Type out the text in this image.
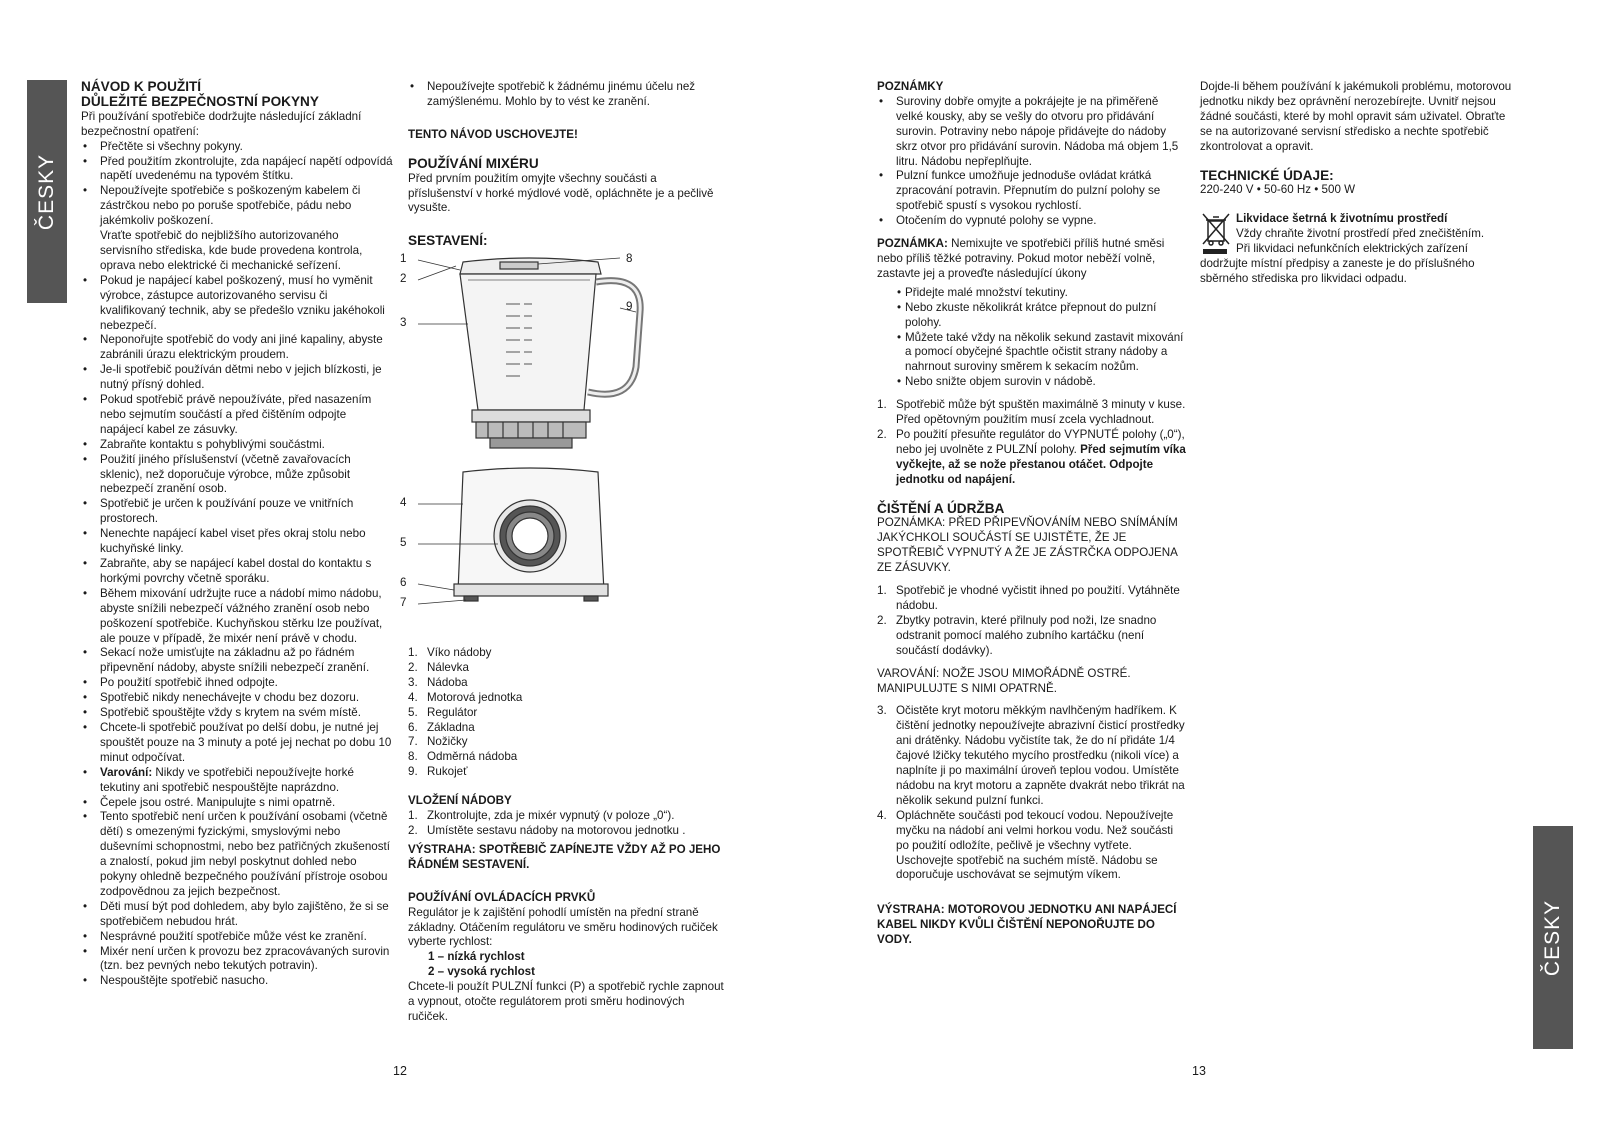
ČESKY
ČESKY

NÁVOD K POUŽITÍ

DŮLEŽITÉ BEZPEČNOSTNÍ POKYNY

Při používání spotřebiče dodržujte následující základní bezpečnostní opatření:

• Přečtěte si všechny pokyny.
• Před použitím zkontrolujte, zda napájecí napětí odpovídá napětí uvedenému na typovém štítku.
• Nepoužívejte spotřebiče s poškozeným kabelem či zástrčkou nebo po poruše spotřebiče, pádu nebo jakémkoliv poškození.
Vraťte spotřebič do nejbližšího autorizovaného servisního střediska, kde bude provedena kontrola, oprava nebo elektrické či mechanické seřízení.
• Pokud je napájecí kabel poškozený, musí ho vyměnit výrobce, zástupce autorizovaného servisu či kvalifikovaný technik, aby se předešlo vzniku jakéhokoli nebezpečí.
• Neponořujte spotřebič do vody ani jiné kapaliny, abyste zabránili úrazu elektrickým proudem.
• Je-li spotřebič používán dětmi nebo v jejich blízkosti, je nutný přísný dohled.
• Pokud spotřebič právě nepoužíváte, před nasazením nebo sejmutím součástí a před čištěním odpojte napájecí kabel ze zásuvky.
• Zabraňte kontaktu s pohyblivými součástmi.
• Použití jiného příslušenství (včetně zavařovacích sklenic), než doporučuje výrobce, může způsobit nebezpečí zranění osob.
• Spotřebič je určen k používání pouze ve vnitřních prostorech.
• Nenechte napájecí kabel viset přes okraj stolu nebo kuchyňské linky.
• Zabraňte, aby se napájecí kabel dostal do kontaktu s horkými povrchy včetně sporáku.
• Během mixování udržujte ruce a nádobí mimo nádobu, abyste snížili nebezpečí vážného zranění osob nebo poškození spotřebiče. Kuchyňskou stěrku lze používat, ale pouze v případě, že mixér není právě v chodu.
• Sekací nože umisťujte na základnu až po řádném připevnění nádoby, abyste snížili nebezpečí zranění.
• Po použití spotřebič ihned odpojte.
• Spotřebič nikdy nenechávejte v chodu bez dozoru.
• Spotřebič spouštějte vždy s krytem na svém místě.
• Chcete-li spotřebič používat po delší dobu, je nutné jej spouštět pouze na 3 minuty a poté jej nechat po dobu 10 minut odpočívat.
• Varování: Nikdy ve spotřebiči nepoužívejte horké tekutiny ani spotřebič nespouštějte naprázdno.
• Čepele jsou ostré. Manipulujte s nimi opatrně.
• Tento spotřebič není určen k používání osobami (včetně dětí) s omezenými fyzickými, smyslovými nebo duševními schopnostmi, nebo bez patřičných zkušeností a znalostí, pokud jim nebyl poskytnut dohled nebo pokyny ohledně bezpečného používání přístroje osobou zodpovědnou za jejich bezpečnost.
• Děti musí být pod dohledem, aby bylo zajištěno, že si se spotřebičem nebudou hrát.
• Nesprávné použití spotřebiče může vést ke zranění.
• Mixér není určen k provozu bez zpracovávaných surovin (tzn. bez pevných nebo tekutých potravin).
• Nespouštějte spotřebič nasucho.
• Nepoužívejte spotřebič k žádnému jinému účelu než zamýšlenému. Mohlo by to vést ke zranění.

TENTO NÁVOD USCHOVEJTE!

POUŽÍVÁNÍ MIXÉRU

Před prvním použitím omyjte všechny součásti a příslušenství v horké mýdlové vodě, opláchněte je a pečlivě vysušte.

SESTAVENÍ:

1
2
3
4
5
6
7
8
9
1. Víko nádoby
2. Nálevka
3. Nádoba
4. Motorová jednotka
5. Regulátor
6. Základna
7. Nožičky
8. Odměrná nádoba
9. Rukojeť

VLOŽENÍ NÁDOBY

1. Zkontrolujte, zda je mixér vypnutý (v poloze „0“).
2. Umístěte sestavu nádoby na motorovou jednotku .

VÝSTRAHA: SPOTŘEBIČ ZAPÍNEJTE VŽDY AŽ PO JEHO ŘÁDNÉM SESTAVENÍ.

POUŽÍVÁNÍ OVLÁDACÍCH PRVKŮ

Regulátor je k zajištění pohodlí umístěn na přední straně základny. Otáčením regulátoru ve směru hodinových ručiček vyberte rychlost:

1 – nízká rychlost

2 – vysoká rychlost

Chcete-li použít PULZNÍ funkci (P) a spotřebič rychle zapnout a vypnout, otočte regulátorem proti směru hodinových ručiček.

POZNÁMKY

• Suroviny dobře omyjte a pokrájejte je na přiměřeně velké kousky, aby se vešly do otvoru pro přidávání surovin. Potraviny nebo nápoje přidávejte do nádoby skrz otvor pro přidávání surovin. Nádoba má objem 1,5 litru. Nádobu nepřeplňujte.
• Pulzní funkce umožňuje jednoduše ovládat krátká zpracování potravin. Přepnutím do pulzní polohy se spotřebič spustí s vysokou rychlostí.
• Otočením do vypnuté polohy se vypne.

POZNÁMKA: Nemixujte ve spotřebiči příliš hutné směsi nebo příliš těžké potraviny. Pokud motor neběží volně, zastavte jej a proveďte následující úkony

• Přidejte malé množství tekutiny.
• Nebo zkuste několikrát krátce přepnout do pulzní polohy.
• Můžete také vždy na několik sekund zastavit mixování a pomocí obyčejné špachtle očistit strany nádoby a nahrnout suroviny směrem k sekacím nožům.
• Nebo snižte objem surovin v nádobě.
1. Spotřebič může být spuštěn maximálně 3 minuty v kuse. Před opětovným použitím musí zcela vychladnout.
2. Po použití přesuňte regulátor do VYPNUTÉ polohy („0“), nebo jej uvolněte z PULZNÍ polohy. Před sejmutím víka vyčkejte, až se nože přestanou otáčet. Odpojte jednotku od napájení.

ČIŠTĚNÍ A ÚDRŽBA

POZNÁMKA: PŘED PŘIPEVŇOVÁNÍM NEBO SNÍMÁNÍM JAKÝCHKOLI SOUČÁSTÍ SE UJISTĚTE, ŽE JE SPOTŘEBIČ VYPNUTÝ A ŽE JE ZÁSTRČKA ODPOJENA ZE ZÁSUVKY.

1. Spotřebič je vhodné vyčistit ihned po použití. Vytáhněte nádobu.
2. Zbytky potravin, které přilnuly pod noži, lze snadno odstranit pomocí malého zubního kartáčku (není součástí dodávky).

VAROVÁNÍ: NOŽE JSOU MIMOŘÁDNĚ OSTRÉ. MANIPULUJTE S NIMI OPATRNĚ.

3. Očistěte kryt motoru měkkým navlhčeným hadříkem. K čištění jednotky nepoužívejte abrazivní čisticí prostředky ani drátěnky. Nádobu vyčistíte tak, že do ní přidáte 1/4 čajové lžičky tekutého mycího prostředku (nikoli více) a naplníte ji po maximální úroveň teplou vodou. Umístěte nádobu na kryt motoru a zapněte dvakrát nebo třikrát na několik sekund pulzní funkci.
4. Opláchněte součásti pod tekoucí vodou. Nepoužívejte myčku na nádobí ani velmi horkou vodu. Než součásti po použití odložíte, pečlivě je všechny vytřete. Uschovejte spotřebič na suchém místě. Nádobu se doporučuje uschovávat se sejmutým víkem.

VÝSTRAHA: MOTOROVOU JEDNOTKU ANI NAPÁJECÍ KABEL NIKDY KVŮLI ČIŠTĚNÍ NEPONOŘUJTE DO VODY.

Dojde-li během používání k jakémukoli problému, motorovou jednotku nikdy bez oprávnění nerozebírejte. Uvnitř nejsou žádné součásti, které by mohl opravit sám uživatel. Obraťte se na autorizované servisní středisko a nechte spotřebič zkontrolovat a opravit.

TECHNICKÉ ÚDAJE:

220-240 V • 50-60 Hz • 500 W

Likvidace šetrná k životnímu prostředí

Vždy chraňte životní prostředí před znečištěním.

Při likvidaci nefunkčních elektrických zařízení

dodržujte místní předpisy a zaneste je do příslušného sběrného střediska pro likvidaci odpadu.

12	13
